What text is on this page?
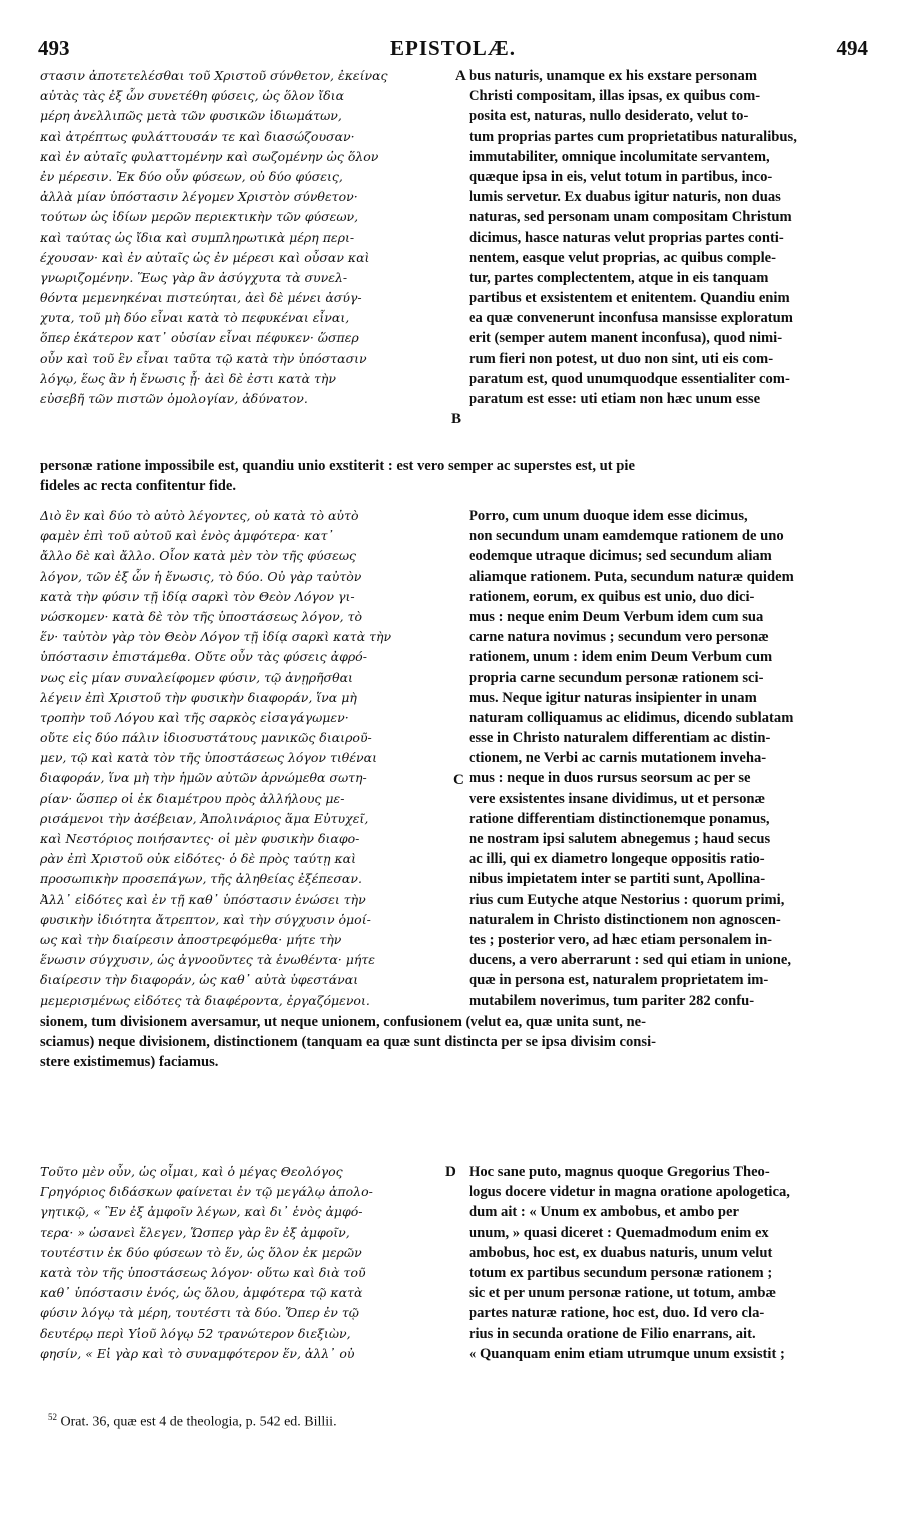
493	EPISTOLÆ.	494
στασιν ἀποτετελέσθαι τοῦ Χριστοῦ σύνθετον, ἐκείνας
αὐτὰς τὰς ἐξ ὧν συνετέθη φύσεις, ὡς ὅλον ἴδια
μέρη ἀνελλιπῶς μετὰ τῶν φυσικῶν ἰδιωμάτων,
καὶ ἀτρέπτως φυλάττουσάν τε καὶ διασώζουσαν·
καὶ ἐν αὐταῖς φυλαττομένην καὶ σωζομένην ὡς ὅλον
ἐν μέρεσιν. Ἐκ δύο οὖν φύσεων, οὐ δύο φύσεις,
ἀλλὰ μίαν ὑπόστασιν λέγομεν Χριστὸν σύνθετον·
τούτων ὡς ἰδίων μερῶν περιεκτικὴν τῶν φύσεων,
καὶ ταύτας ὡς ἴδια καὶ συμπληρωτικὰ μέρη περι-
έχουσαν· καὶ ἐν αὐταῖς ὡς ἐν μέρεσι καὶ οὖσαν καὶ
γνωριζομένην. Ἕως γὰρ ἂν ἀσύγχυτα τὰ συνελ-
θόντα μεμενηκέναι πιστεύηται, ἀεὶ δὲ μένει ἀσύγ-
χυτα, τοῦ μὴ δύο εἶναι κατὰ τὸ πεφυκέναι εἶναι,
ὅπερ ἑκάτερον κατ᾽ οὐσίαν εἶναι πέφυκεν· ὥσπερ
οὖν καὶ τοῦ ἓν εἶναι ταῦτα τῷ κατὰ τὴν ὑπόστασιν
λόγῳ, ἕως ἂν ἡ ἕνωσις ᾖ· ἀεὶ δὲ ἐστι κατὰ τὴν
εὐσεβῆ τῶν πιστῶν ὁμολογίαν, ἀδύνατον.
bus naturis, unamque ex his exstare personam
Christi compositam, illas ipsas, ex quibus com-
posita est, naturas, nullo desiderato, velut to-
tum proprias partes cum proprietatibus naturalibus,
immutabiliter, omnique incolumitate servantem,
quæque ipsa in eis, velut totum in partibus, inco-
lumis servetur. Ex duabus igitur naturis, non duas
naturas, sed personam unam compositam Christum
dicimus, hasce naturas velut proprias partes conti-
nentem, easque velut proprias, ac quibus comple-
tur, partes complectentem, atque in eis tanquam
partibus et exsistentem et enitentem. Quandiu enim
ea quæ convenerunt inconfusa mansisse exploratum
erit (semper autem manent inconfusa), quod nimi-
rum fieri non potest, ut duo non sint, uti eis com-
paratum est, quod unumquodque essentialiter com-
paratum est esse: uti etiam non hæc unum esse
A
B
personæ ratione impossibile est, quandiu unio exstiterit : est vero semper ac superstes est, ut pie
fideles ac recta confitentur fide.
Διὸ ἓν καὶ δύο τὸ αὐτὸ λέγοντες, οὐ κατὰ τὸ αὐτὸ
φαμὲν ἐπὶ τοῦ αὐτοῦ καὶ ἑνὸς ἀμφότερα· κατ᾽
ἄλλο δὲ καὶ ἄλλο. Οἷον κατὰ μὲν τὸν τῆς φύσεως
λόγον, τῶν ἐξ ὧν ἡ ἕνωσις, τὸ δύο. Οὐ γὰρ ταὐτὸν
κατὰ τὴν φύσιν τῇ ἰδίᾳ σαρκὶ τὸν Θεὸν Λόγον γι-
νώσκομεν· κατὰ δὲ τὸν τῆς ὑποστάσεως λόγον, τὸ
ἕν· ταὐτὸν γὰρ τὸν Θεὸν Λόγον τῇ ἰδίᾳ σαρκὶ κατὰ τὴν
ὑπόστασιν ἐπιστάμεθα. Οὔτε οὖν τὰς φύσεις ἀφρό-
νως εἰς μίαν συναλείφομεν φύσιν, τῷ ἀνῃρῆσθαι
λέγειν ἐπὶ Χριστοῦ τὴν φυσικὴν διαφοράν, ἵνα μὴ
τροπὴν τοῦ Λόγου καὶ τῆς σαρκὸς εἰσαγάγωμεν·
οὔτε εἰς δύο πάλιν ἰδιοσυστάτους μανικῶς διαιροῦ-
μεν, τῷ καὶ κατὰ τὸν τῆς ὑποστάσεως λόγον τιθέναι
διαφοράν, ἵνα μὴ τὴν ἡμῶν αὐτῶν ἀρνώμεθα σωτη-
ρίαν· ὥσπερ οἱ ἐκ διαμέτρου πρὸς ἀλλήλους με-
ρισάμενοι τὴν ἀσέβειαν, Ἀπολινάριος ἅμα Εὐτυχεῖ,
καὶ Νεστόριος ποιήσαντες· οἱ μὲν φυσικὴν διαφο-
ρὰν ἐπὶ Χριστοῦ οὐκ εἰδότες· ὁ δὲ πρὸς ταύτῃ καὶ
προσωπικὴν προσεπάγων, τῆς ἀληθείας ἐξέπεσαν.
Ἀλλ᾽ εἰδότες καὶ ἐν τῇ καθ᾽ ὑπόστασιν ἑνώσει τὴν
φυσικὴν ἰδιότητα ἄτρεπτον, καὶ τὴν σύγχυσιν ὁμοί-
ως καὶ τὴν διαίρεσιν ἀποστρεφόμεθα· μήτε τὴν
ἕνωσιν σύγχυσιν, ὡς ἀγνοοῦντες τὰ ἑνωθέντα· μήτε
διαίρεσιν τὴν διαφοράν, ὡς καθ᾽ αὐτὰ ὑφεστάναι
μεμερισμένως εἰδότες τὰ διαφέροντα, ἐργαζόμενοι.
Porro, cum unum duoque idem esse dicimus,
non secundum unam eamdemque rationem de uno
eodemque utraque dicimus; sed secundum aliam
aliamque rationem. Puta, secundum naturæ quidem
rationem, eorum, ex quibus est unio, duo dici-
mus : neque enim Deum Verbum idem cum sua
carne natura novimus ; secundum vero personæ
rationem, unum : idem enim Deum Verbum cum
propria carne secundum personæ rationem sci-
mus. Neque igitur naturas insipienter in unam
naturam colliquamus ac elidimus, dicendo sublatam
esse in Christo naturalem differentiam ac distin-
ctionem, ne Verbi ac carnis mutationem inveha-
mus : neque in duos rursus seorsum ac per se
vere exsistentes insane dividimus, ut et personæ
ratione differentiam distinctionemque ponamus,
ne nostram ipsi salutem abnegemus ; haud secus
ac illi, qui ex diametro longeque oppositis ratio-
nibus impietatem inter se partiti sunt, Apollina-
rius cum Eutyche atque Nestorius : quorum primi,
naturalem in Christo distinctionem non agnoscen-
tes ; posterior vero, ad hæc etiam personalem in-
ducens, a vero aberrarunt : sed qui etiam in unione,
quæ in persona est, naturalem proprietatem im-
mutabilem noverimus, tum pariter 282 confu-
C
sionem, tum divisionem aversamur, ut neque unionem, confusionem (velut ea, quæ unita sunt, ne-
sciamus) neque divisionem, distinctionem (tanquam ea quæ sunt distincta per se ipsa divisim consi-
stere existimemus) faciamus.
Τοῦτο μὲν οὖν, ὡς οἶμαι, καὶ ὁ μέγας Θεολόγος
Γρηγόριος διδάσκων φαίνεται ἐν τῷ μεγάλῳ ἀπολο-
γητικῷ, « Ἓν ἐξ ἀμφοῖν λέγων, καὶ δι᾽ ἑνὸς ἀμφό-
τερα· » ὡσανεὶ ἔλεγεν, Ὥσπερ γὰρ ἓν ἐξ ἀμφοῖν,
τουτέστιν ἐκ δύο φύσεων τὸ ἕν, ὡς ὅλον ἐκ μερῶν
κατὰ τὸν τῆς ὑποστάσεως λόγον· οὕτω καὶ διὰ τοῦ
καθ᾽ ὑπόστασιν ἑνός, ὡς ὅλου, ἀμφότερα τῷ κατὰ
φύσιν λόγῳ τὰ μέρη, τουτέστι τὰ δύο. Ὅπερ ἐν τῷ
δευτέρῳ περὶ Υἱοῦ λόγῳ 52 τρανώτερον διεξιὼν,
φησίν, « Εἰ γὰρ καὶ τὸ συναμφότερον ἕν, ἀλλ᾽ οὐ
Hoc sane puto, magnus quoque Gregorius Theo-
logus docere videtur in magna oratione apologetica,
dum ait : « Unum ex ambobus, et ambo per
unum, » quasi diceret : Quemadmodum enim ex
ambobus, hoc est, ex duabus naturis, unum velut
totum ex partibus secundum personæ rationem ;
sic et per unum personæ ratione, ut totum, ambæ
partes naturæ ratione, hoc est, duo. Id vero cla-
rius in secunda oratione de Filio enarrans, ait.
« Quanquam enim etiam utrumque unum exsistit ;
D
$^{52}$ Orat. 36, quæ est 4 de theologia, p. 542 ed. Billii.
